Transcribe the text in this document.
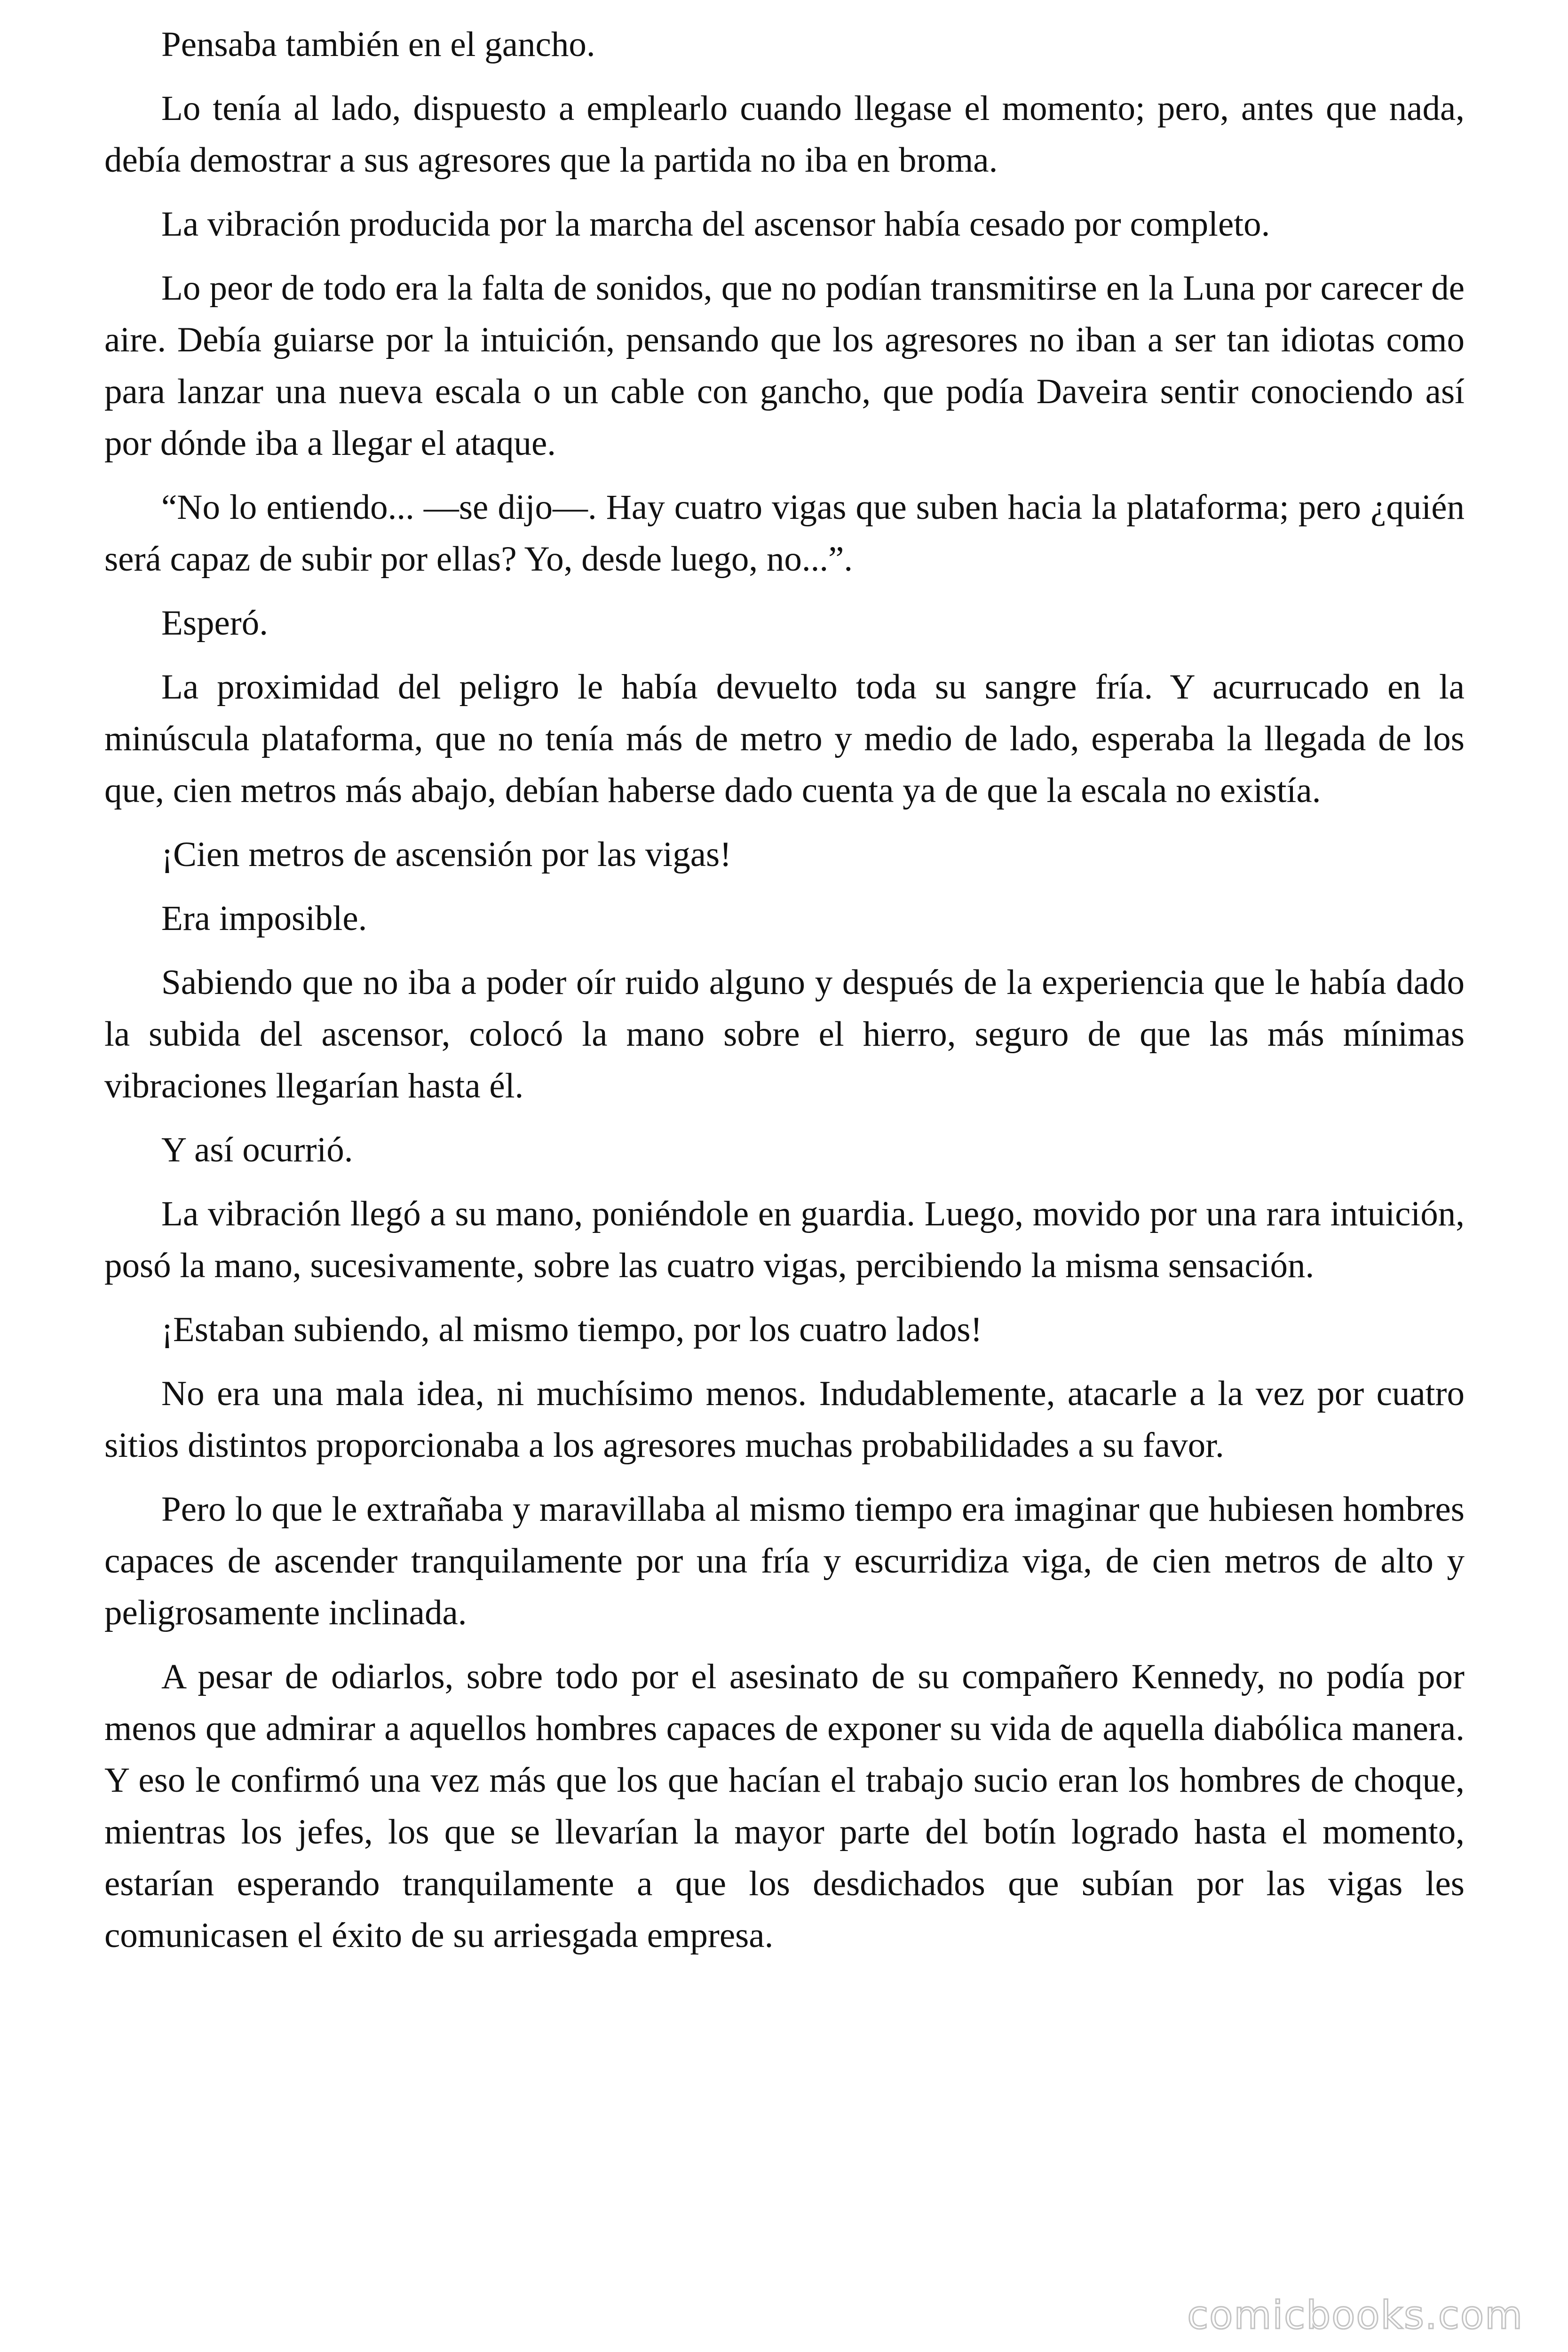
Pensaba también en el gancho.

Lo tenía al lado, dispuesto a emplearlo cuando llegase el momento; pero, antes que nada, debía demostrar a sus agresores que la partida no iba en broma.

La vibración producida por la marcha del ascensor había cesado por completo.

Lo peor de todo era la falta de sonidos, que no podían transmitirse en la Luna por carecer de aire. Debía guiarse por la intuición, pensando que los agresores no iban a ser tan idiotas como para lanzar una nueva escala o un cable con gancho, que podía Daveira sentir conociendo así por dónde iba a llegar el ataque.

“No lo entiendo... —se dijo—. Hay cuatro vigas que suben hacia la plataforma; pero ¿quién será capaz de subir por ellas? Yo, desde luego, no...”.

Esperó.

La proximidad del peligro le había devuelto toda su sangre fría. Y acurrucado en la minúscula plataforma, que no tenía más de metro y medio de lado, esperaba la llegada de los que, cien metros más abajo, debían haberse dado cuenta ya de que la escala no existía.

¡Cien metros de ascensión por las vigas!

Era imposible.

Sabiendo que no iba a poder oír ruido alguno y después de la experiencia que le había dado la subida del ascensor, colocó la mano sobre el hierro, seguro de que las más mínimas vibraciones llegarían hasta él.

Y así ocurrió.

La vibración llegó a su mano, poniéndole en guardia. Luego, movido por una rara intuición, posó la mano, sucesivamente, sobre las cuatro vigas, percibiendo la misma sensación.

¡Estaban subiendo, al mismo tiempo, por los cuatro lados!

No era una mala idea, ni muchísimo menos. Indudablemente, atacarle a la vez por cuatro sitios distintos proporcionaba a los agresores muchas probabilidades a su favor.

Pero lo que le extrañaba y maravillaba al mismo tiempo era imaginar que hubiesen hombres capaces de ascender tranquilamente por una fría y escurridiza viga, de cien metros de alto y peligrosamente inclinada.

A pesar de odiarlos, sobre todo por el asesinato de su compañero Kennedy, no podía por menos que admirar a aquellos hombres capaces de exponer su vida de aquella diabólica manera. Y eso le confirmó una vez más que los que hacían el trabajo sucio eran los hombres de choque, mientras los jefes, los que se llevarían la mayor parte del botín logrado hasta el momento, estarían esperando tranquilamente a que los desdichados que subían por las vigas les comunicasen el éxito de su arriesgada empresa.

comicbooks.com
